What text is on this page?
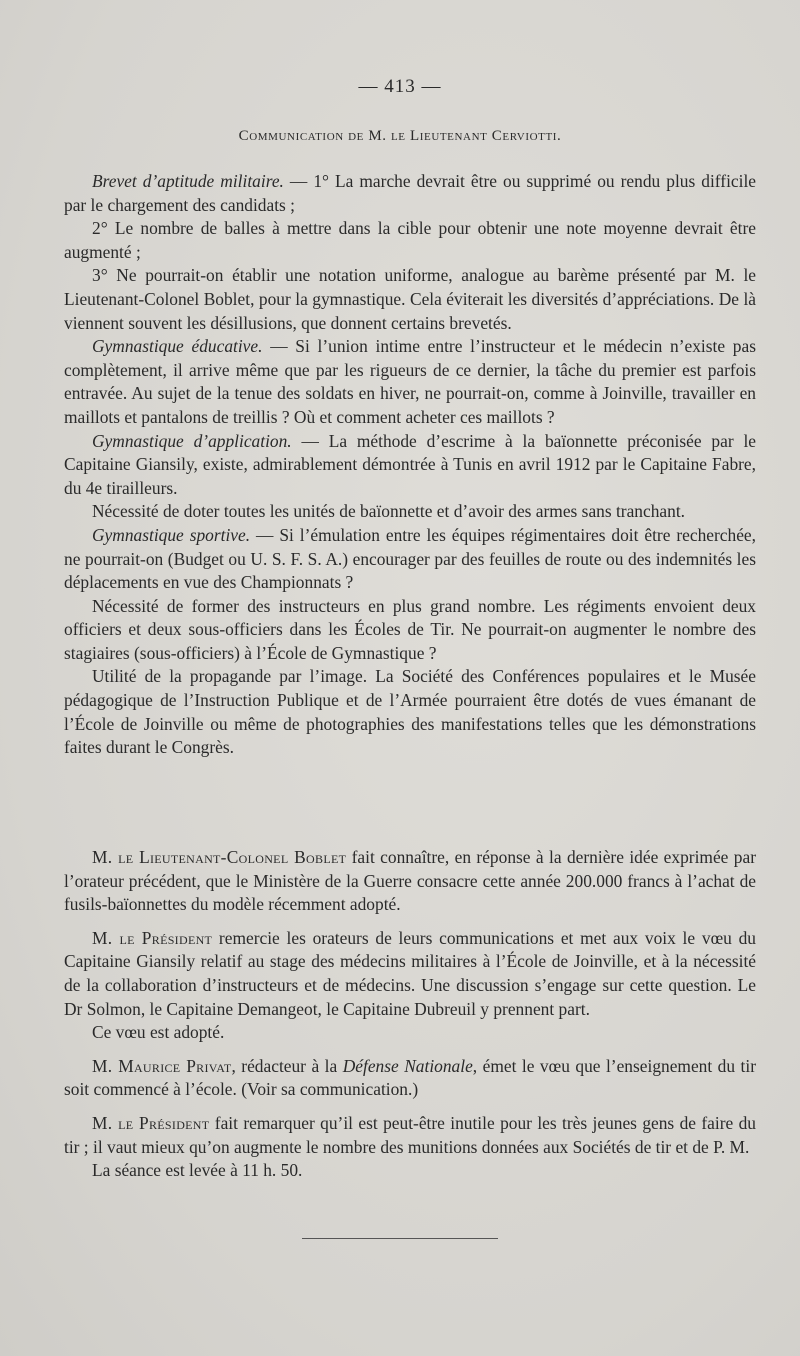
— 413 —
Communication de M. le Lieutenant Cerviotti.

Brevet d’aptitude militaire. — 1° La marche devrait être ou supprimé ou rendu plus difficile par le chargement des candidats ;

2° Le nombre de balles à mettre dans la cible pour obtenir une note moyenne devrait être augmenté ;

3° Ne pourrait-on établir une notation uniforme, analogue au barème présenté par M. le Lieutenant-Colonel Boblet, pour la gymnastique. Cela éviterait les diversités d’appréciations. De là viennent souvent les désillusions, que donnent certains brevetés.

Gymnastique éducative. — Si l’union intime entre l’instructeur et le médecin n’existe pas complètement, il arrive même que par les rigueurs de ce dernier, la tâche du premier est parfois entravée. Au sujet de la tenue des soldats en hiver, ne pourrait-on, comme à Joinville, travailler en maillots et pantalons de treillis ? Où et comment acheter ces maillots ?

Gymnastique d’application. — La méthode d’escrime à la baïonnette préconisée par le Capitaine Giansily, existe, admirablement démontrée à Tunis en avril 1912 par le Capitaine Fabre, du 4e tirailleurs.

Nécessité de doter toutes les unités de baïonnette et d’avoir des armes sans tranchant.

Gymnastique sportive. — Si l’émulation entre les équipes régimentaires doit être recherchée, ne pourrait-on (Budget ou U. S. F. S. A.) encourager par des feuilles de route ou des indemnités les déplacements en vue des Championnats ?

Nécessité de former des instructeurs en plus grand nombre. Les régiments envoient deux officiers et deux sous-officiers dans les Écoles de Tir. Ne pourrait-on augmenter le nombre des stagiaires (sous-officiers) à l’École de Gymnastique ?

Utilité de la propagande par l’image. La Société des Conférences populaires et le Musée pédagogique de l’Instruction Publique et de l’Armée pourraient être dotés de vues émanant de l’École de Joinville ou même de photographies des manifestations telles que les démonstrations faites durant le Congrès.

M. le Lieutenant-Colonel Boblet fait connaître, en réponse à la dernière idée exprimée par l’orateur précédent, que le Ministère de la Guerre consacre cette année 200.000 francs à l’achat de fusils-baïonnettes du modèle récemment adopté.

M. le Président remercie les orateurs de leurs communications et met aux voix le vœu du Capitaine Giansily relatif au stage des médecins militaires à l’École de Joinville, et à la nécessité de la collaboration d’instructeurs et de médecins. Une discussion s’engage sur cette question. Le Dr Solmon, le Capitaine Demangeot, le Capitaine Dubreuil y prennent part.

Ce vœu est adopté.

M. Maurice Privat, rédacteur à la Défense Nationale, émet le vœu que l’enseignement du tir soit commencé à l’école. (Voir sa communication.)

M. le Président fait remarquer qu’il est peut-être inutile pour les très jeunes gens de faire du tir ; il vaut mieux qu’on augmente le nombre des munitions données aux Sociétés de tir et de P. M.

La séance est levée à 11 h. 50.
